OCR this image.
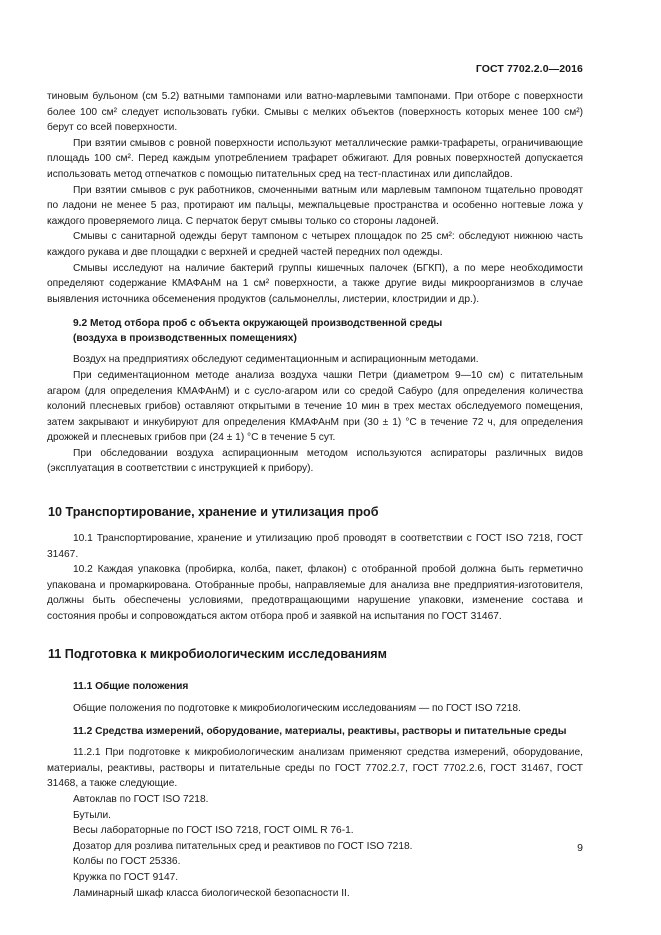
ГОСТ 7702.2.0—2016

тиновым бульоном (см 5.2) ватными тампонами или ватно-марлевыми тампонами. При отборе с поверхности более 100 см² следует использовать губки. Смывы с мелких объектов (поверхность которых менее 100 см²) берут со всей поверхности.

При взятии смывов с ровной поверхности используют металлические рамки-трафареты, ограничивающие площадь 100 см². Перед каждым употреблением трафарет обжигают. Для ровных поверхностей допускается использовать метод отпечатков с помощью питательных сред на тест-пластинах или дипслайдов.

При взятии смывов с рук работников, смоченными ватным или марлевым тампоном тщательно проводят по ладони не менее 5 раз, протирают им пальцы, межпальцевые пространства и особенно ногтевые ложа у каждого проверяемого лица. С перчаток берут смывы только со стороны ладоней.

Смывы с санитарной одежды берут тампоном с четырех площадок по 25 см²: обследуют нижнюю часть каждого рукава и две площадки с верхней и средней частей передних пол одежды.

Смывы исследуют на наличие бактерий группы кишечных палочек (БГКП), а по мере необходимости определяют содержание КМАФАнМ на 1 см² поверхности, а также другие виды микроорганизмов в случае выявления источника обсеменения продуктов (сальмонеллы, листерии, клостридии и др.).

9.2 Метод отбора проб с объекта окружающей производственной среды
(воздуха в производственных помещениях)

Воздух на предприятиях обследуют седиментационным и аспирационным методами.

При седиментационном методе анализа воздуха чашки Петри (диаметром 9—10 см) с питательным агаром (для определения КМАФАнМ) и с сусло-агаром или со средой Сабуро (для определения количества колоний плесневых грибов) оставляют открытыми в течение 10 мин в трех местах обследуемого помещения, затем закрывают и инкубируют для определения КМАФАнМ при (30 ± 1) °С в течение 72 ч, для определения дрожжей и плесневых грибов при (24 ± 1) °С в течение 5 сут.

При обследовании воздуха аспирационным методом используются аспираторы различных видов (эксплуатация в соответствии с инструкцией к прибору).

10 Транспортирование, хранение и утилизация проб

10.1 Транспортирование, хранение и утилизацию проб проводят в соответствии с ГОСТ ISO 7218, ГОСТ 31467.

10.2 Каждая упаковка (пробирка, колба, пакет, флакон) с отобранной пробой должна быть герметично упакована и промаркирована. Отобранные пробы, направляемые для анализа вне предприятия-изготовителя, должны быть обеспечены условиями, предотвращающими нарушение упаковки, изменение состава и состояния пробы и сопровождаться актом отбора проб и заявкой на испытания по ГОСТ 31467.

11 Подготовка к микробиологическим исследованиям

11.1 Общие положения

Общие положения по подготовке к микробиологическим исследованиям — по ГОСТ ISO 7218.

11.2 Средства измерений, оборудование, материалы, реактивы, растворы и питательные среды

11.2.1 При подготовке к микробиологическим анализам применяют средства измерений, оборудование, материалы, реактивы, растворы и питательные среды по ГОСТ 7702.2.7, ГОСТ 7702.2.6, ГОСТ 31467, ГОСТ 31468, а также следующие.

Автоклав по ГОСТ ISO 7218.

Бутыли.

Весы лабораторные по ГОСТ ISO 7218, ГОСТ OIML R 76-1.

Дозатор для розлива питательных сред и реактивов по ГОСТ ISO 7218.

Колбы по ГОСТ 25336.

Кружка по ГОСТ 9147.

Ламинарный шкаф класса биологической безопасности II.

9
